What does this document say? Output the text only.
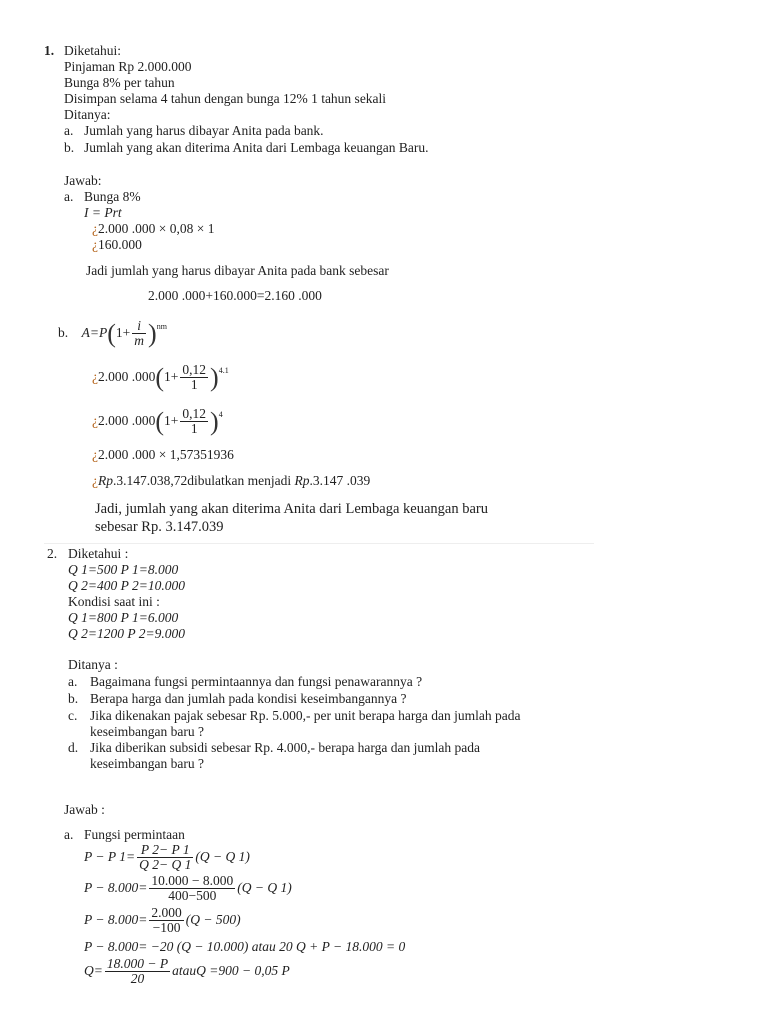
1. Diketahui:
Pinjaman Rp 2.000.000
Bunga 8% per tahun
Disimpan selama 4 tahun dengan bunga 12% 1 tahun sekali
Ditanya:
a. Jumlah yang harus dibayar Anita pada bank.
b. Jumlah yang akan diterima Anita dari Lembaga keuangan Baru.
Jawab:
a. Bunga 8%
I = Prt
¿2.000 .000 × 0,08 × 1
¿160.000
Jadi jumlah yang harus dibayar Anita pada bank sebesar
2.000 .000+160.000=2.160 .000
b. $A=P(1+ \frac{i}{m} )^{nm}$
¿2.000 $.000(1+ \frac{0,12}{1} )^{4.1}$
¿2.000 $.000(1+ \frac{0,12}{1} )^4$
¿2.000 .000 × 1,57351936
¿Rp.3.147.038,72dibulatkan menjadi Rp.3.147 .039
Jadi, jumlah yang akan diterima Anita dari Lembaga keuangan baru
sebesar Rp. 3.147.039
2. Diketahui :
Q 1=500 P 1=8.000
Q 2=400 P 2=10.000
Kondisi saat ini :
Q 1=800 P 1=6.000
Q 2=1200 P 2=9.000
Ditanya :
a. Bagaimana fungsi permintaannya dan fungsi penawarannya ?
b. Berapa harga dan jumlah pada kondisi keseimbangannya ?
c. Jika dikenakan pajak sebesar Rp. 5.000,- per unit berapa harga dan jumlah pada
keseimbangan baru ?
d. Jika diberikan subsidi sebesar Rp. 4.000,- berapa harga dan jumlah pada
keseimbangan baru ?
Jawab :
a. Fungsi permintaan
P − P $1= \frac{P 2- P 1}{Q 2- Q 1} (Q - Q$ 1)
$P - 8.000= \frac{10.000 - 8.000}{400-500} (Q - Q$ 1)
$P - 8.000= \frac{2.000}{-100} (Q - 500)$
P − 8.000= −20 (Q − 10.000) atau 20 Q + P − 18.000 = 0
$Q= \frac{18.000 - P}{20}$ atauQ =900 − 0,05 P
